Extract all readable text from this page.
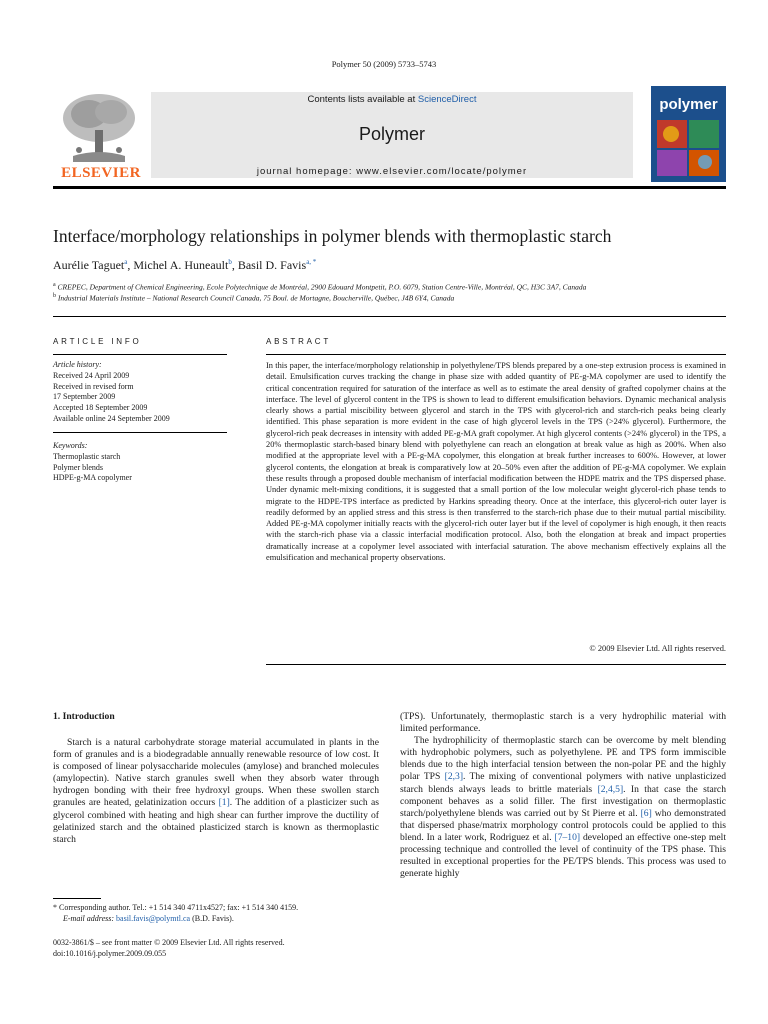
Polymer 50 (2009) 5733–5743
ELSEVIER
Contents lists available at ScienceDirect
Polymer
journal homepage: www.elsevier.com/locate/polymer
polymer
Interface/morphology relationships in polymer blends with thermoplastic starch
Aurélie Taguet$^a$, Michel A. Huneault$^b$, Basil D. Favis$^{a, *}$
$^a$ CREPEC, Department of Chemical Engineering, Ecole Polytechnique de Montréal, 2900 Edouard Montpetit, P.O. 6079, Station Centre-Ville, Montréal, QC, H3C 3A7, Canada
$^b$ Industrial Materials Institute – National Research Council Canada, 75 Boul. de Mortagne, Boucherville, Québec, J4B 6Y4, Canada
ARTICLE INFO
Article history:
Received 24 April 2009
Received in revised form
17 September 2009
Accepted 18 September 2009
Available online 24 September 2009
Keywords:
Thermoplastic starch
Polymer blends
HDPE-g-MA copolymer
ABSTRACT
In this paper, the interface/morphology relationship in polyethylene/TPS blends prepared by a one-step extrusion process is examined in detail. Emulsification curves tracking the change in phase size with added quantity of PE-g-MA copolymer are used to identify the critical concentration required for saturation of the interface as well as to estimate the areal density of grafted copolymer chains at the interface. The level of glycerol content in the TPS is shown to lead to different emulsification behaviors. Dynamic mechanical analysis clearly shows a partial miscibility between glycerol and starch in the TPS with glycerol-rich and starch-rich peaks being clearly identified. This phase separation is more evident in the case of high glycerol levels in the TPS (>24% glycerol). Furthermore, the glycerol-rich peak decreases in intensity with added PE-g-MA graft copolymer. At high glycerol contents (>24% glycerol) in the TPS, a 20% thermoplastic starch-based binary blend with polyethylene can reach an elongation at break value as high as 200%. When also modified at the appropriate level with a PE-g-MA copolymer, this elongation at break further increases to 600%. However, at lower glycerol contents, the elongation at break is comparatively low at 20–50% even after the addition of PE-g-MA copolymer. We explain these results through a proposed double mechanism of interfacial modification between the HDPE matrix and the TPS dispersed phase. Under dynamic melt-mixing conditions, it is suggested that a small portion of the low molecular weight glycerol-rich phase tends to migrate to the HDPE-TPS interface as predicted by Harkins spreading theory. Once at the interface, this glycerol-rich outer layer is readily deformed by an applied stress and this stress is then transferred to the starch-rich phase due to their mutual partial miscibility. Added PE-g-MA copolymer initially reacts with the glycerol-rich outer layer but if the level of copolymer is high enough, it then reacts with the starch-rich phase via a classic interfacial modification protocol. Also, both the elongation at break and impact properties dramatically increase at a copolymer level associated with interfacial saturation. The above mechanism effectively explains all the emulsification and mechanical property observations.
© 2009 Elsevier Ltd. All rights reserved.
1. Introduction

Starch is a natural carbohydrate storage material accumulated in plants in the form of granules and is a biodegradable annually renewable resource of low cost. It is composed of linear polysaccharide molecules (amylose) and branched molecules (amylopectin). Native starch granules swell when they absorb water through hydrogen bonding with their free hydroxyl groups. When these swollen starch granules are heated, gelatinization occurs [1]. The addition of a plasticizer such as glycerol combined with heating and high shear can further improve the ductility of gelatinized starch and the obtained plasticized starch is known as thermoplastic starch

(TPS). Unfortunately, thermoplastic starch is a very hydrophilic material with limited performance.

The hydrophilicity of thermoplastic starch can be overcome by melt blending with hydrophobic polymers, such as polyethylene. PE and TPS form immiscible blends due to the high interfacial tension between the non-polar PE and the highly polar TPS [2,3]. The mixing of conventional polymers with native unplasticized starch blends always leads to brittle materials [2,4,5]. In that case the starch component behaves as a solid filler. The first investigation on thermoplastic starch/polyethylene blends was carried out by St Pierre et al. [6] who demonstrated that dispersed phase/matrix morphology control protocols could be applied to this blend. In a later work, Rodriguez et al. [7–10] developed an effective one-step melt processing technique and controlled the level of continuity of the TPS phase. This resulted in exceptional properties for the PE/TPS blends. This process was used to generate highly

* Corresponding author. Tel.: +1 514 340 4711x4527; fax: +1 514 340 4159.
E-mail address: basil.favis@polymtl.ca (B.D. Favis).
0032-3861/$ – see front matter © 2009 Elsevier Ltd. All rights reserved.
doi:10.1016/j.polymer.2009.09.055
